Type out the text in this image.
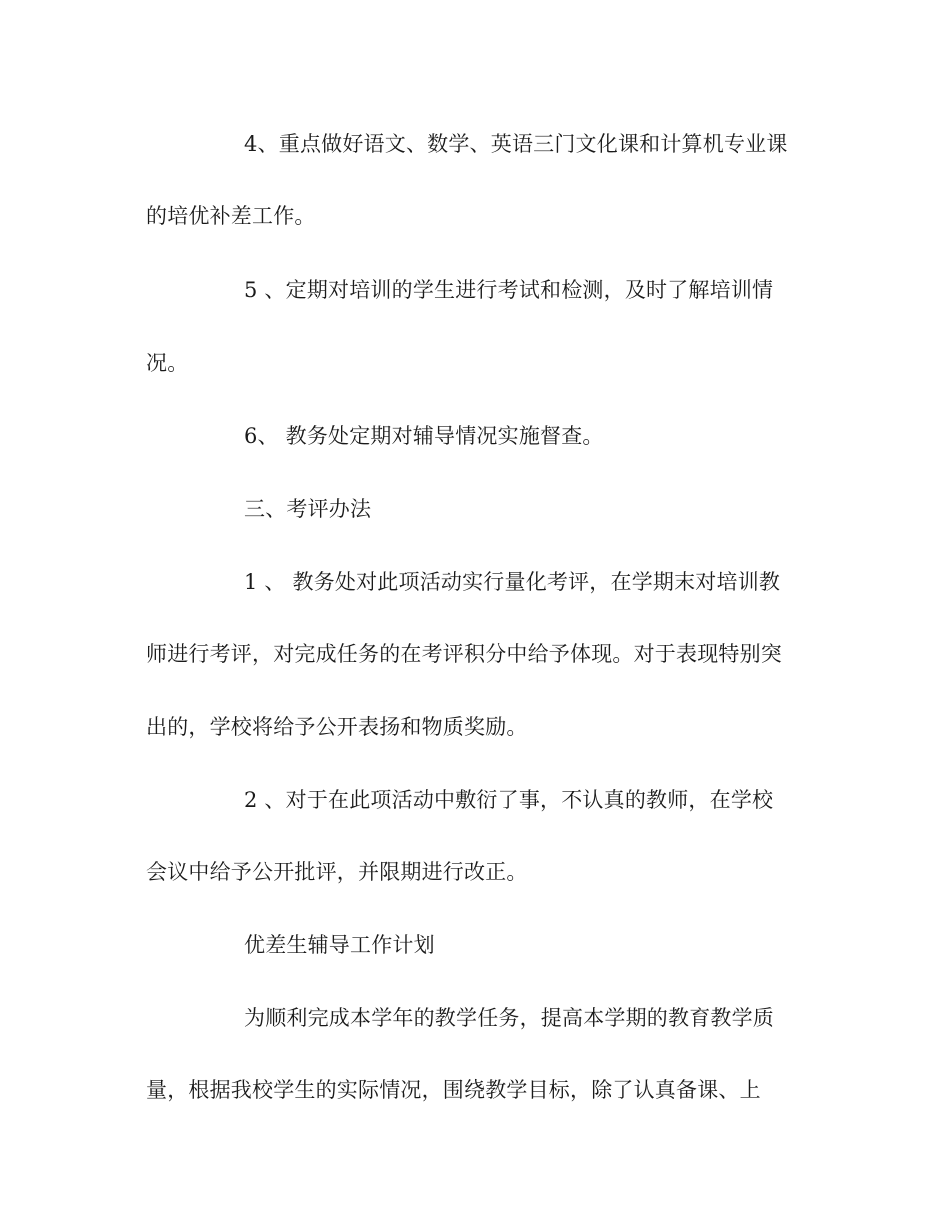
4、重点做好语文、数学、英语三门文化课和计算机专业课
的培优补差工作。
5 、定期对培训的学生进行考试和检测，及时了解培训情
况。
6、 教务处定期对辅导情况实施督查。
三、考评办法
1 、 教务处对此项活动实行量化考评，在学期末对培训教
师进行考评，对完成任务的在考评积分中给予体现。对于表现特别突
出的，学校将给予公开表扬和物质奖励。
2 、对于在此项活动中敷衍了事，不认真的教师，在学校
会议中给予公开批评，并限期进行改正。
优差生辅导工作计划
为顺利完成本学年的教学任务，提高本学期的教育教学质
量，根据我校学生的实际情况，围绕教学目标，除了认真备课、上
